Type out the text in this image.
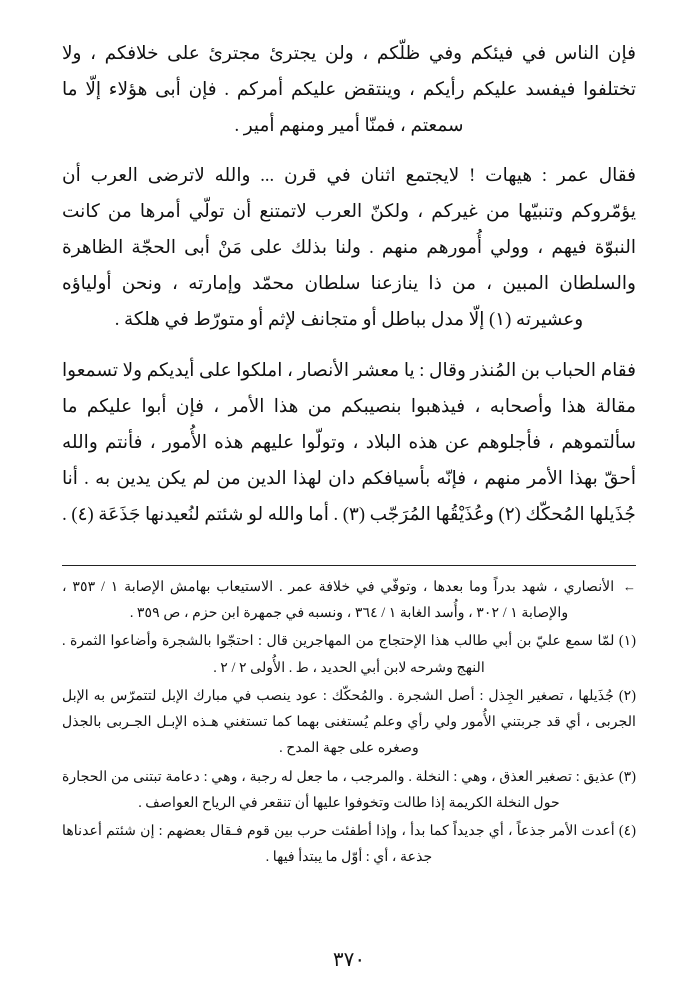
فإن الناس في فيئكم وفي ظلّكم ، ولن يجترئ مجترئ على خلافكم ، ولا تختلفوا فيفسد عليكم رأيكم ، وينتقض عليكم أمركم . فإن أبى هؤلاء إلّا ما سمعتم ، فمنّا أمير ومنهم أمير .

فقال عمر : هيهات ! لايجتمع اثنان في قرن ... والله لاترضى العرب أن يؤمّروكم وتنبيّها من غيركم ، ولكنّ العرب لاتمتنع أن تولّي أمرها من كانت النبوّة فيهم ، وولي أُمورهم منهم . ولنا بذلك على مَنْ أبى الحجّة الظاهرة والسلطان المبين ، من ذا ينازعنا سلطان محمّد وإمارته ، ونحن أولياؤه وعشيرته (١) إلّا مدل بباطل أو متجانف لإثم أو متورّط في هلكة .

فقام الحباب بن المُنذر وقال : يا معشر الأنصار ، املكوا على أيديكم ولا تسمعوا مقالة هذا وأصحابه ، فيذهبوا بنصيبكم من هذا الأمر ، فإن أبوا عليكم ما سألتموهم ، فأجلوهم عن هذه البلاد ، وتولّوا عليهم هذه الأُمور ، فأنتم والله أحقّ بهذا الأمر منهم ، فإنّه بأسيافكم دان لهذا الدين من لم يكن يدين به . أنا جُذَيلها المُحكّك (٢) وعُذَيْقُها المُرَجّب (٣) . أما والله لو شئتم لنُعيدنها جَذَعَة (٤) .

← الأنصاري ، شهد بدراً وما بعدها ، وتوفّي في خلافة عمر . الاستيعاب بهامش الإصابة ١ / ٣٥٣ ، والإصابة ١ / ٣٠٢ ، وأُسد الغابة ١ / ٣٦٤ ، ونسبه في جمهرة ابن حزم ، ص ٣٥٩ .

(١) لمّا سمع عليّ بن أبي طالب هذا الإحتجاج من المهاجرين قال : احتجّوا بالشجرة وأضاعوا الثمرة . النهج وشرحه لابن أبي الحديد ، ط . الأُولى ٢ / ٢ .

(٢) جُذَيلها ، تصغير الجِذل : أصل الشجرة . والمُحكّك : عود ينصب في مبارك الإبل لتتمرّس به الإبل الجربى ، أي قد جربتني الأُمور ولي رأي وعلم يُستغنى بهما كما تستغني هـذه الإبـل الجـربى بالجذل وصغره على جهة المدح .

(٣) عذيق : تصغير العذق ، وهي : النخلة . والمرجب ، ما جعل له رجبة ، وهي : دعامة تبتنى من الحجارة حول النخلة الكريمة إذا طالت وتخوفوا عليها أن تنقعر في الرياح العواصف .

(٤) أعدت الأمر جذعاً ، أي جديداً كما بدأ ، وإذا أطفئت حرب بين قوم فـقال بعضهم : إن شئتم أعدناها جذعة ، أي : أوّل ما يبتدأ فيها .

٣٧٠
